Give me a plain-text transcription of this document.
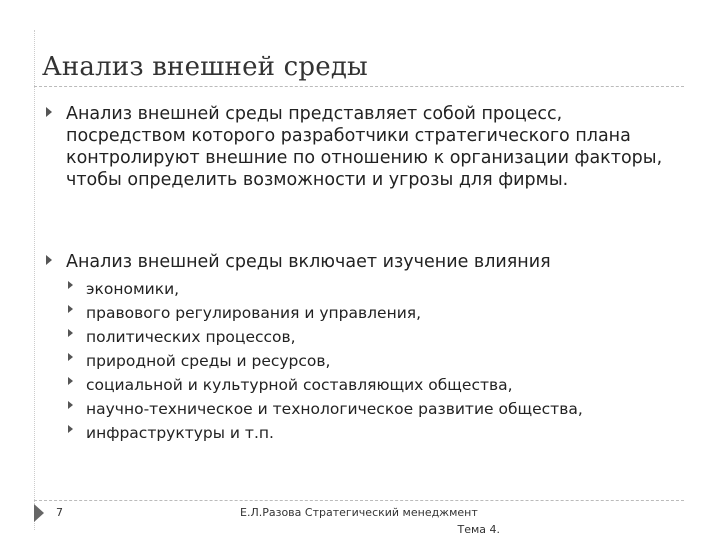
Анализ внешней среды
Анализ внешней среды представляет собой процесс, посредством которого разработчики стратегического плана контролируют внешние по отношению к организации факторы, чтобы определить возможности и угрозы для фирмы.
Анализ внешней среды включает изучение влияния
экономики,
правового регулирования и управления,
политических процессов,
природной среды и ресурсов,
социальной и культурной составляющих общества,
научно-техническое и технологическое развитие общества,
инфраструктуры и т.п.
7	Е.Л.Разова Стратегический менеджмент
Тема 4.
